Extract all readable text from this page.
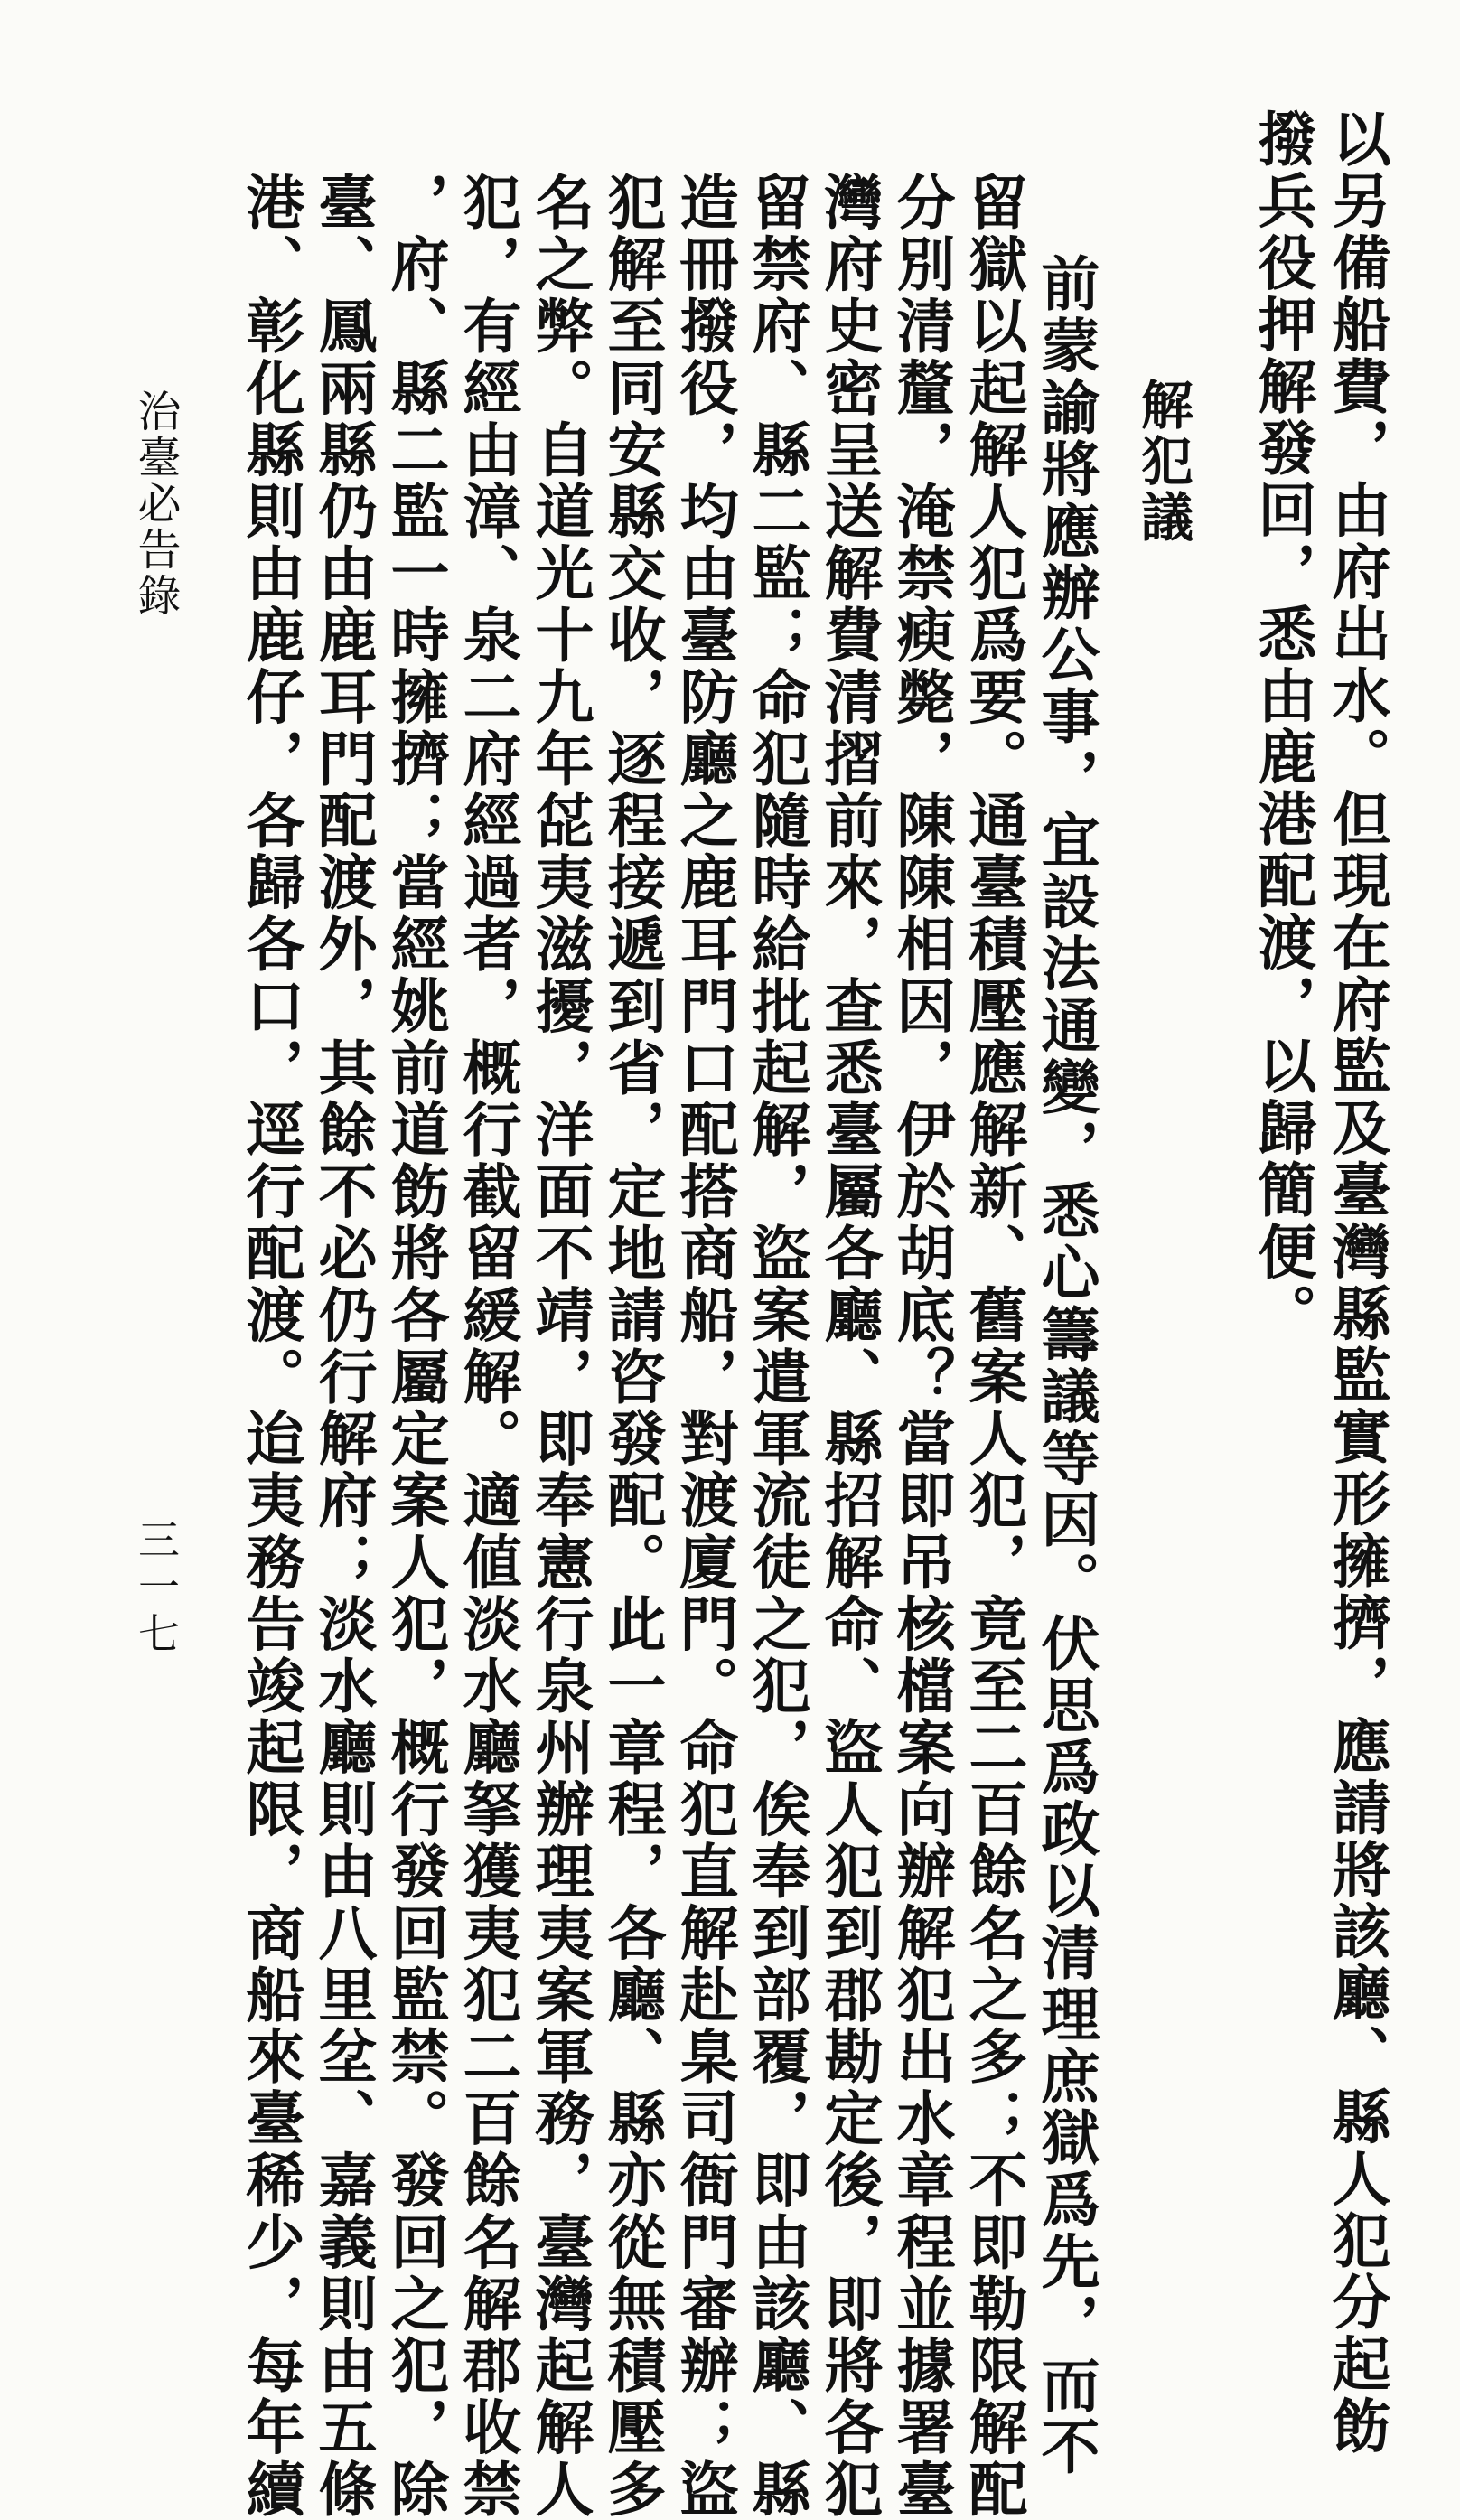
以另備船費，由府出水。但現在府監及臺灣縣監實形擁擠，應請將該廳、縣人犯分起飭
撥兵役押解發回，悉由鹿港配渡，以歸簡便。
解犯議
前蒙諭將應辦公事，宜設法通變，悉心籌議等因。伏思爲政以清理庶獄爲先，而不
留獄以起解人犯爲要。通臺積壓應解新、舊案人犯，竟至二百餘名之多；不即勒限解配
分別清釐，淹禁瘐斃，陳陳相因，伊於胡底？當即吊核檔案向辦解犯出水章程並據署臺
灣府史密呈送解費清摺前來，查悉臺屬各廳、縣招解命、盜人犯到郡勘定後，即將各犯
留禁府、縣二監；命犯隨時給批起解，盜案遣軍流徒之犯，俟奉到部覆，即由該廳、縣
造冊撥役，均由臺防廳之鹿耳門口配搭商船，對渡廈門。命犯直解赴臬司衙門審辦；盜
犯解至同安縣交收，逐程接遞到省，定地請咨發配。此一章程，各廳、縣亦從無積壓多
名之弊。自道光十九年㖚夷滋擾，洋面不靖，即奉憲行泉州辦理夷案軍務，臺灣起解人
犯，有經由漳、泉二府經過者，概行截留緩解。適値淡水廳拏獲夷犯二百餘名解郡收禁
，府、縣二監一時擁擠；當經姚前道飭將各屬定案人犯，概行發回監禁。發回之犯，除
臺、鳳兩縣仍由鹿耳門配渡外，其餘不必仍行解府；淡水廳則由八里坌、嘉義則由五條
港、彰化縣則由鹿仔，各歸各口，逕行配渡。迨夷務告竣起限，商船來臺稀少，每年續
治臺必告錄
三一七
